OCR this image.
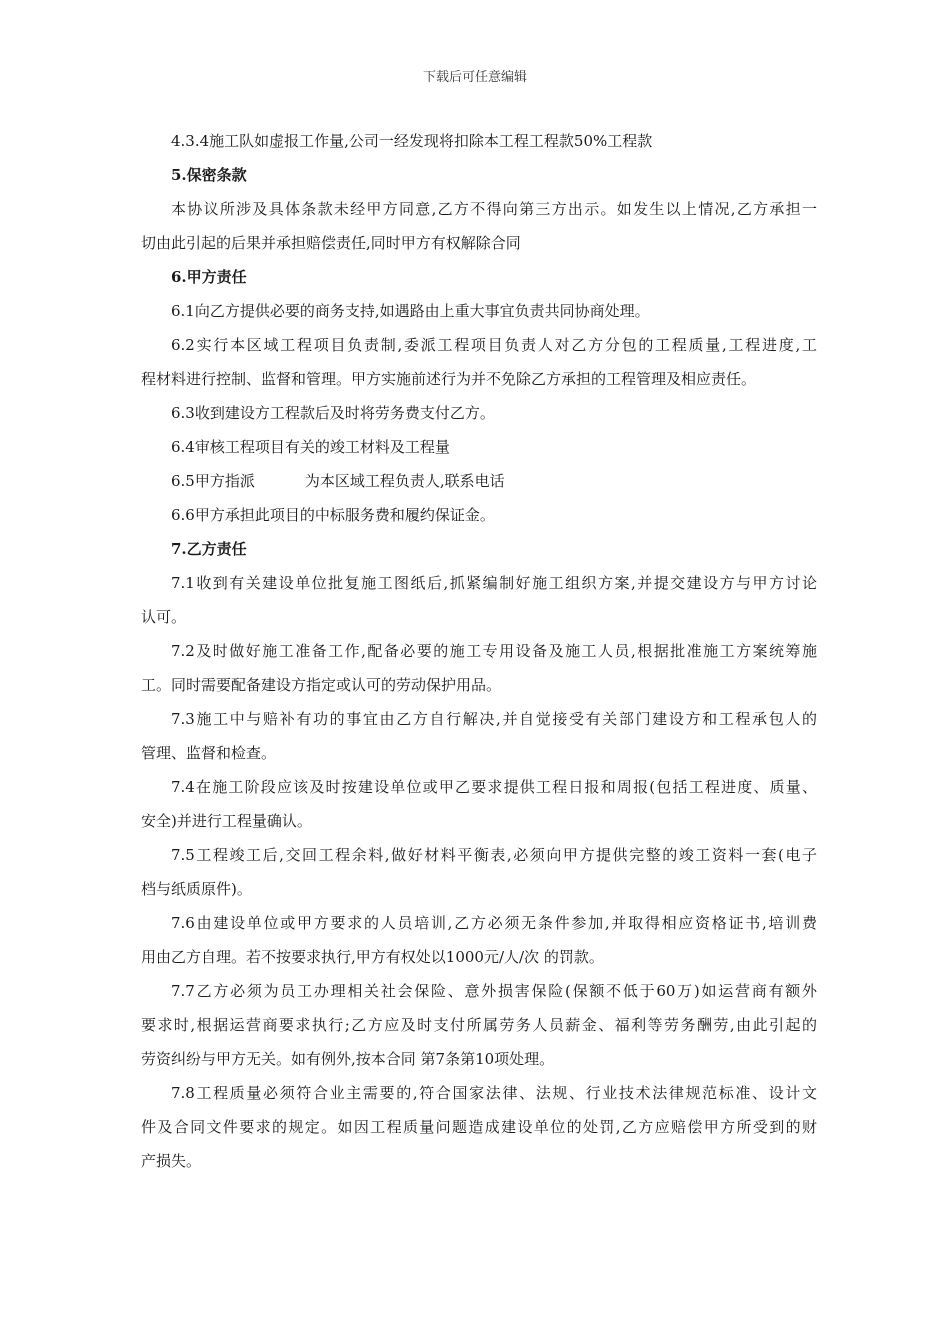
下载后可任意编辑
4.3.4施工队如虚报工作量,公司一经发现将扣除本工程工程款50%工程款
5.保密条款
本协议所涉及具体条款未经甲方同意,乙方不得向第三方出示。如发生以上情况,乙方承担一
切由此引起的后果并承担赔偿责任,同时甲方有权解除合同
6.甲方责任
6.1向乙方提供必要的商务支持,如遇路由上重大事宜负责共同协商处理。
6.2实行本区域工程项目负责制,委派工程项目负责人对乙方分包的工程质量,工程进度,工
程材料进行控制、监督和管理。甲方实施前述行为并不免除乙方承担的工程管理及相应责任。
6.3收到建设方工程款后及时将劳务费支付乙方。
6.4审核工程项目有关的竣工材料及工程量
6.5甲方指派	为本区域工程负责人,联系电话
6.6甲方承担此项目的中标服务费和履约保证金。
7.乙方责任
7.1收到有关建设单位批复施工图纸后,抓紧编制好施工组织方案,并提交建设方与甲方讨论
认可。
7.2及时做好施工准备工作,配备必要的施工专用设备及施工人员,根据批准施工方案统筹施
工。同时需要配备建设方指定或认可的劳动保护用品。
7.3施工中与赔补有功的事宜由乙方自行解决,并自觉接受有关部门建设方和工程承包人的
管理、监督和检查。
7.4在施工阶段应该及时按建设单位或甲乙要求提供工程日报和周报(包括工程进度、质量、
安全)并进行工程量确认。
7.5工程竣工后,交回工程余料,做好材料平衡表,必须向甲方提供完整的竣工资料一套(电子
档与纸质原件)。
7.6由建设单位或甲方要求的人员培训,乙方必须无条件参加,并取得相应资格证书,培训费
用由乙方自理。若不按要求执行,甲方有权处以1000元/人/次 的罚款。
7.7乙方必须为员工办理相关社会保险、意外损害保险(保额不低于60万)如运营商有额外
要求时,根据运营商要求执行;乙方应及时支付所属劳务人员薪金、福利等劳务酬劳,由此引起的
劳资纠纷与甲方无关。如有例外,按本合同 第7条第10项处理。
7.8工程质量必须符合业主需要的,符合国家法律、法规、行业技术法律规范标准、设计文
件及合同文件要求的规定。如因工程质量问题造成建设单位的处罚,乙方应赔偿甲方所受到的财
产损失。
